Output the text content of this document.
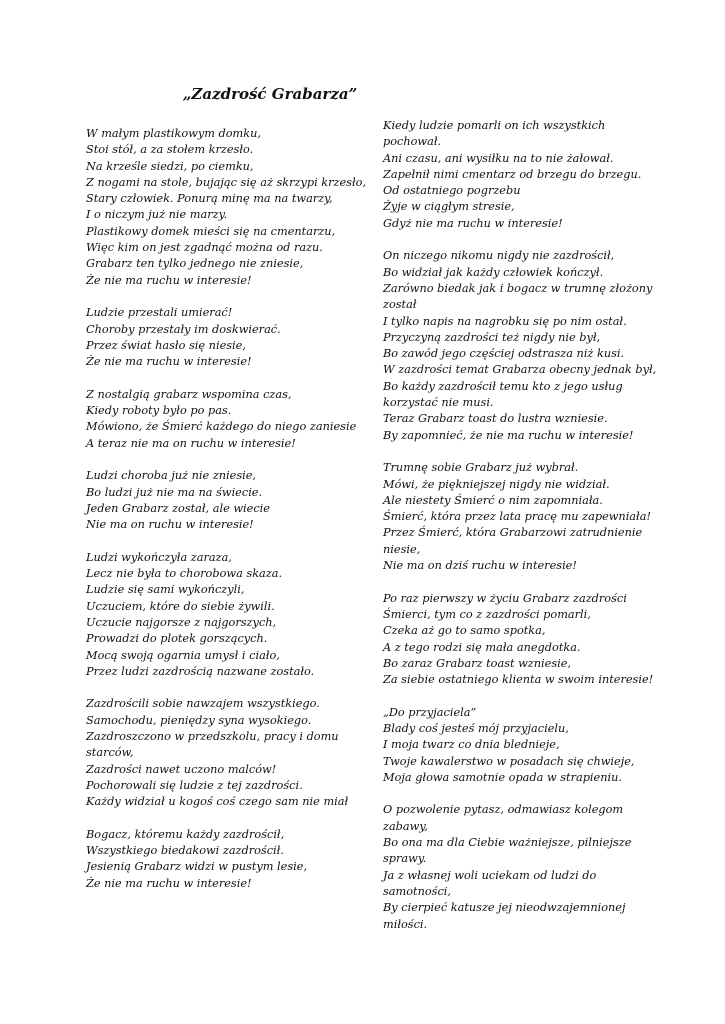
„Zazdrość Grabarza”
W małym plastikowym domku,
Stoi stół, a za stołem krzesło.
Na krześle siedzi, po ciemku,
Z nogami na stole, bujając się aż skrzypi krzesło,
Stary człowiek. Ponurą minę ma na twarzy,
I o niczym już nie marzy.
Plastikowy domek mieści się na cmentarzu,
Więc kim on jest zgadnąć można od razu.
Grabarz ten tylko jednego nie zniesie,
Że nie ma ruchu w interesie!
Ludzie przestali umierać!
Choroby przestały im doskwierać.
Przez świat hasło się niesie,
Że nie ma ruchu w interesie!
Z nostalgią grabarz wspomina czas,
Kiedy roboty było po pas.
Mówiono, że Śmierć każdego do niego zaniesie
A teraz nie ma on ruchu w interesie!
Ludzi choroba już nie zniesie,
Bo ludzi już nie ma na świecie.
Jeden Grabarz został, ale wiecie
Nie ma on ruchu w interesie!
Ludzi wykończyła zaraza,
Lecz nie była to chorobowa skaza.
Ludzie się sami wykończyli,
Uczuciem, które do siebie żywili.
Uczucie najgorsze z najgorszych,
Prowadzi do plotek gorszących.
Mocą swoją ogarnia umysł i ciało,
Przez ludzi zazdrością nazwane zostało.
Zazdrościli sobie nawzajem wszystkiego.
Samochodu, pieniędzy syna wysokiego.
Zazdroszczono w przedszkolu, pracy i domu
starców,
Zazdrości nawet uczono malców!
Pochorowali się ludzie z tej zazdrości.
Każdy widział u kogoś coś czego sam nie miał
Bogacz, któremu każdy zazdrościł,
Wszystkiego biedakowi zazdrościł.
Jesienią Grabarz widzi w pustym lesie,
Że nie ma ruchu w interesie!
Kiedy ludzie pomarli on ich wszystkich
pochował.
Ani czasu, ani wysiłku na to nie żałował.
Zapełnił nimi cmentarz od brzegu do brzegu.
Od ostatniego pogrzebu
Żyje w ciągłym stresie,
Gdyż nie ma ruchu w interesie!
On niczego nikomu nigdy nie zazdrościł,
Bo widział jak każdy człowiek kończył.
Zarówno biedak jak i bogacz w trumnę złożony
został
I tylko napis na nagrobku się po nim ostał.
Przyczyną zazdrości też nigdy nie był,
Bo zawód jego częściej odstrasza niż kusi.
W zazdrości temat Grabarza obecny jednak był,
Bo każdy zazdrościł temu kto z jego usług
korzystać nie musi.
Teraz Grabarz toast do lustra wzniesie.
By zapomnieć, że nie ma ruchu w interesie!
Trumnę sobie Grabarz już wybrał.
Mówi, że piękniejszej nigdy nie widział.
Ale niestety Śmierć o nim zapomniała.
Śmierć, która przez lata pracę mu zapewniała!
Przez Śmierć, która Grabarzowi zatrudnienie
niesie,
Nie ma on dziś ruchu w interesie!
Po raz pierwszy w życiu Grabarz zazdrości
Śmierci, tym co z zazdrości pomarli,
Czeka aż go to samo spotka,
A z tego rodzi się mała anegdotka.
Bo zaraz Grabarz toast wzniesie,
Za siebie ostatniego klienta w swoim interesie!
„Do przyjaciela”
Blady coś jesteś mój przyjacielu,
I moja twarz co dnia blednieje,
Twoje kawalerstwo w posadach się chwieje,
Moja głowa samotnie opada w strapieniu.
O pozwolenie pytasz, odmawiasz kolegom
zabawy,
Bo ona ma dla Ciebie ważniejsze, pilniejsze
sprawy.
Ja z własnej woli uciekam od ludzi do
samotności,
By cierpieć katusze jej nieodwzajemnionej
miłości.
